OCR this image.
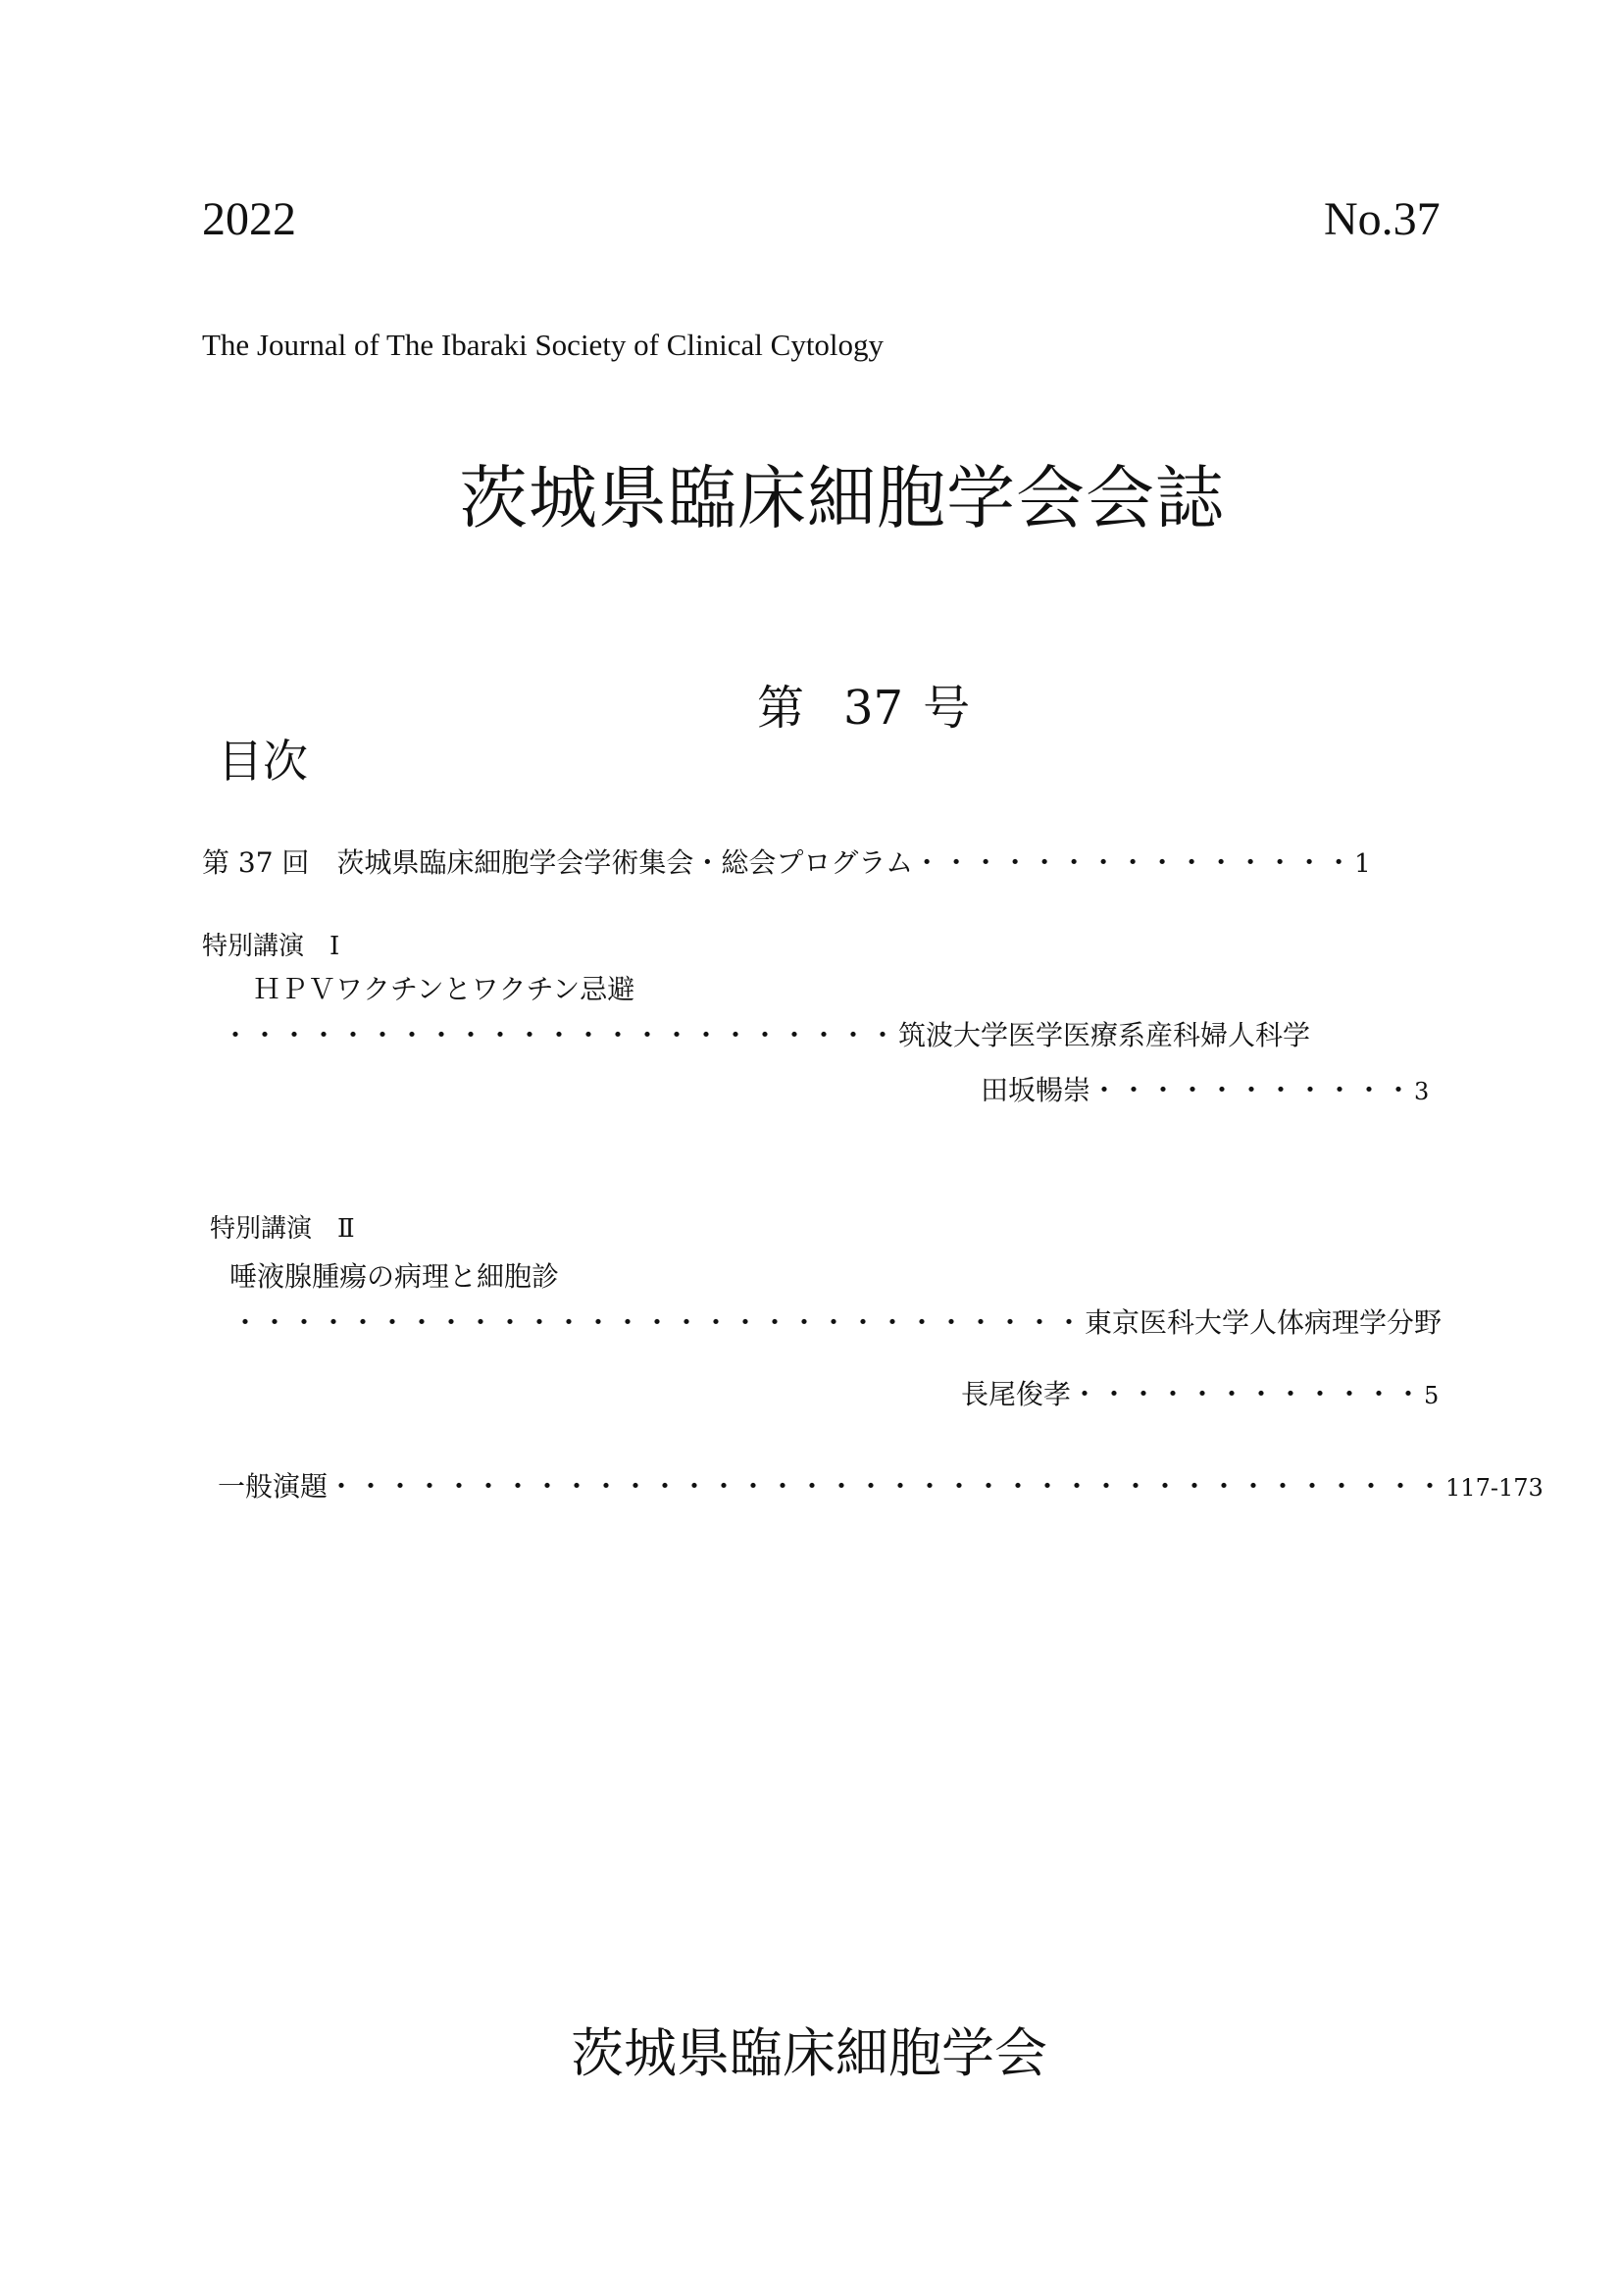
2022	No.37
The Journal of The Ibaraki Society of Clinical Cytology
茨城県臨床細胞学会会誌
第 37 号
目次
第 37 回　茨城県臨床細胞学会学術集会・総会プログラム・・・・・・・・・・・・・・・1
特別講演　Ⅰ
ＨＰＶワクチンとワクチン忌避
・・・・・・・・・・・・・・・・・・・・・・・筑波大学医学医療系産科婦人科学
田坂暢崇・・・・・・・・・・・3
特別講演　Ⅱ
唾液腺腫瘍の病理と細胞診
・・・・・・・・・・・・・・・・・・・・・・・・・・・・・東京医科大学人体病理学分野
長尾俊孝・・・・・・・・・・・・5
一般演題・・・・・・・・・・・・・・・・・・・・・・・・・・・・・・・・・・・・・・117-173
茨城県臨床細胞学会
